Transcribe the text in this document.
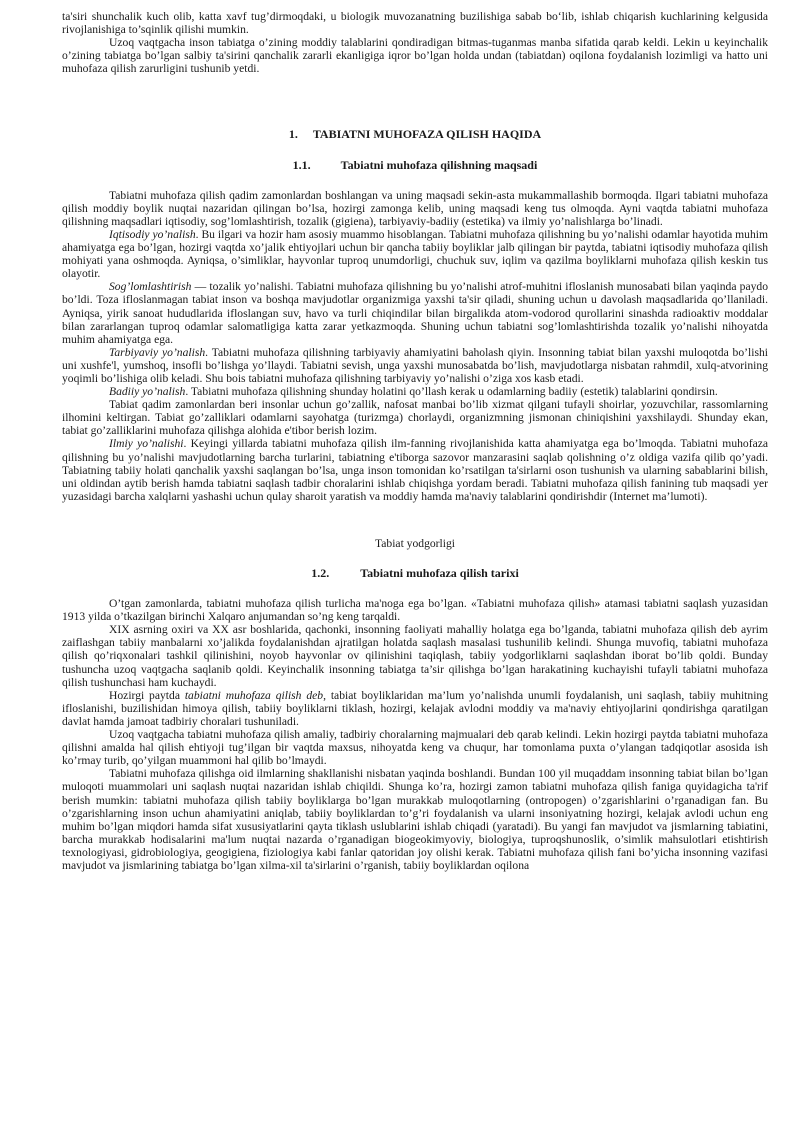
ta'siri shunchalik kuch olib, katta xavf tug’dirmoqdaki, u biologik muvozanatning buzilishiga sabab bo‘lib, ishlab chiqarish kuchlarining kelgusida rivojlanishiga to’sqinlik qilishi mumkin.

Uzoq vaqtgacha inson tabiatga o’zining moddiy talablarini qondiradigan bitmas-tuganmas manba sifatida qarab keldi. Lekin u keyinchalik o’zining tabiatga bo’lgan salbiy ta'sirini qanchalik zararli ekanligiga iqror bo’lgan holda undan (tabiatdan) oqilona foydalanish lozimligi va hatto uni muhofaza qilish zarurligini tushunib yetdi.

1. TABIATNI MUHOFAZA QILISH HAQIDA

1.1.	Tabiatni muhofaza qilishning maqsadi

Tabiatni muhofaza qilish qadim zamonlardan boshlangan va uning maqsadi sekin-asta mukammallashib bormoqda. Ilgari tabiatni muhofaza qilish moddiy boylik nuqtai nazaridan qilingan bo’lsa, hozirgi zamonga kelib, uning maqsadi keng tus olmoqda. Ayni vaqtda tabiatni muhofaza qilishning maqsadlari iqtisodiy, sog’lomlashtirish, tozalik (gigiena), tarbiyaviy-badiiy (estetika) va ilmiy yo’nalishlarga bo’linadi.

Iqtisodiy yo’nalish. Bu ilgari va hozir ham asosiy muammo hisoblangan. Tabiatni muhofaza qilishning bu yo’nalishi odamlar hayotida muhim ahamiyatga ega bo’lgan, hozirgi vaqtda xo’jalik ehtiyojlari uchun bir qancha tabiiy boyliklar jalb qilingan bir paytda, tabiatni iqtisodiy muhofaza qilish mohiyati yana oshmoqda. Ayniqsa, o’simliklar, hayvonlar tuproq unumdorligi, chuchuk suv, iqlim va qazilma boyliklarni muhofaza qilish keskin tus olayotir.

Sog’lomlashtirish — tozalik yo’nalishi. Tabiatni muhofaza qilishning bu yo’nalishi atrof-muhitni ifloslanish munosabati bilan yaqinda paydo bo’ldi. Toza ifloslanmagan tabiat inson va boshqa mavjudotlar organizmiga yaxshi ta'sir qiladi, shuning uchun u davolash maqsadlarida qo’llaniladi. Ayniqsa, yirik sanoat hududlarida ifloslangan suv, havo va turli chiqindilar bilan birgalikda atom-vodorod qurollarini sinashda radioaktiv moddalar bilan zararlangan tuproq odamlar salomatligiga katta zarar yetkazmoqda. Shuning uchun tabiatni sog’lomlashtirishda tozalik yo’nalishi nihoyatda muhim ahamiyatga ega.

Tarbiyaviy yo’nalish. Tabiatni muhofaza qilishning tarbiyaviy ahamiyatini baholash qiyin. Insonning tabiat bilan yaxshi muloqotda bo’lishi uni xushfe'l, yumshoq, insofli bo’lishga yo’llaydi. Tabiatni sevish, unga yaxshi munosabatda bo’lish, mavjudotlarga nisbatan rahmdil, xulq-atvorining yoqimli bo’lishiga olib keladi. Shu bois tabiatni muhofaza qilishning tarbiyaviy yo’nalishi o’ziga xos kasb etadi.

Badiiy yo’nalish. Tabiatni muhofaza qilishning shunday holatini qo’llash kerak u odamlarning badiiy (estetik) talablarini qondirsin.

Tabiat qadim zamonlardan beri insonlar uchun go’zallik, nafosat manbai bo’lib xizmat qilgani tufayli shoirlar, yozuvchilar, rassomlarning ilhomini keltirgan. Tabiat go’zalliklari odamlarni sayohatga (turizmga) chorlaydi, organizmning jismonan chiniqishini yaxshilaydi. Shunday ekan, tabiat go’zalliklarini muhofaza qilishga alohida e'tibor berish lozim.

Ilmiy yo’nalishi. Keyingi yillarda tabiatni muhofaza qilish ilm-fanning rivojlanishida katta ahamiyatga ega bo’lmoqda. Tabiatni muhofaza qilishning bu yo’nalishi mavjudotlarning barcha turlarini, tabiatning e'tiborga sazovor manzarasini saqlab qolishning o’z oldiga vazifa qilib qo’yadi. Tabiatning tabiiy holati qanchalik yaxshi saqlangan bo’lsa, unga inson tomonidan ko’rsatilgan ta'sirlarni oson tushunish va ularning sabablarini bilish, uni oldindan aytib berish hamda tabiatni saqlash tadbir choralarini ishlab chiqishga yordam beradi. Tabiatni muhofaza qilish fanining tub maqsadi yer yuzasidagi barcha xalqlarni yashashi uchun qulay sharoit yaratish va moddiy hamda ma'naviy talablarini qondirishdir (Internet ma’lumoti).

Tabiat yodgorligi

1.2.	Tabiatni muhofaza qilish tarixi

O’tgan zamonlarda, tabiatni muhofaza qilish turlicha ma'noga ega bo’lgan. «Tabiatni muhofaza qilish» atamasi tabiatni saqlash yuzasidan 1913 yilda o’tkazilgan birinchi Xalqaro anjumandan so’ng keng tarqaldi.

XIX asrning oxiri va XX asr boshlarida, qachonki, insonning faoliyati mahalliy holatga ega bo’lganda, tabiatni muhofaza qilish deb ayrim zaiflashgan tabiiy manbalarni xo’jalikda foydalanishdan ajratilgan holatda saqlash masalasi tushunilib kelindi. Shunga muvofiq, tabiatni muhofaza qilish qo’riqxonalari tashkil qilinishini, noyob hayvonlar ov qilinishini taqiqlash, tabiiy yodgorliklarni saqlashdan iborat bo’lib qoldi. Bunday tushuncha uzoq vaqtgacha saqlanib qoldi. Keyinchalik insonning tabiatga ta’sir qilishga bo’lgan harakatining kuchayishi tufayli tabiatni muhofaza qilish tushunchasi ham kuchaydi.

Hozirgi paytda tabiatni muhofaza qilish deb, tabiat boyliklaridan ma’lum yo’nalishda unumli foydalanish, uni saqlash, tabiiy muhitning ifloslanishi, buzilishidan himoya qilish, tabiiy boyliklarni tiklash, hozirgi, kelajak avlodni moddiy va ma'naviy ehtiyojlarini qondirishga qaratilgan davlat hamda jamoat tadbiriy choralari tushuniladi.

Uzoq vaqtgacha tabiatni muhofaza qilish amaliy, tadbiriy choralarning majmualari deb qarab kelindi. Lekin hozirgi paytda tabiatni muhofaza qilishni amalda hal qilish ehtiyoji tug’ilgan bir vaqtda maxsus, nihoyatda keng va chuqur, har tomonlama puxta o’ylangan tadqiqotlar asosida ish ko’rmay turib, qo’yilgan muammoni hal qilib bo’lmaydi.

Tabiatni muhofaza qilishga oid ilmlarning shakllanishi nisbatan yaqinda boshlandi. Bundan 100 yil muqaddam insonning tabiat bilan bo’lgan muloqoti muammolari uni saqlash nuqtai nazaridan ishlab chiqildi. Shunga ko’ra, hozirgi zamon tabiatni muhofaza qilish faniga quyidagicha ta'rif berish mumkin: tabiatni muhofaza qilish tabiiy boyliklarga bo’lgan murakkab muloqotlarning (ontropogen) o’zgarishlarini o’rganadigan fan. Bu o’zgarishlarning inson uchun ahamiyatini aniqlab, tabiiy boyliklardan to’g’ri foydalanish va ularni insoniyatning hozirgi, kelajak avlodi uchun eng muhim bo’lgan miqdori hamda sifat xususiyatlarini qayta tiklash uslublarini ishlab chiqadi (yaratadi). Bu yangi fan mavjudot va jismlarning tabiatini, barcha murakkab hodisalarini ma'lum nuqtai nazarda o’rganadigan biogeokimyoviy, biologiya, tuproqshunoslik, o’simlik mahsulotlari etishtirish texnologiyasi, gidrobiologiya, geogigiena, fiziologiya kabi fanlar qatoridan joy olishi kerak. Tabiatni muhofaza qilish fani bo’yicha insonning vazifasi mavjudot va jismlarining tabiatga bo’lgan xilma-xil ta'sirlarini o’rganish, tabiiy boyliklardan oqilona
